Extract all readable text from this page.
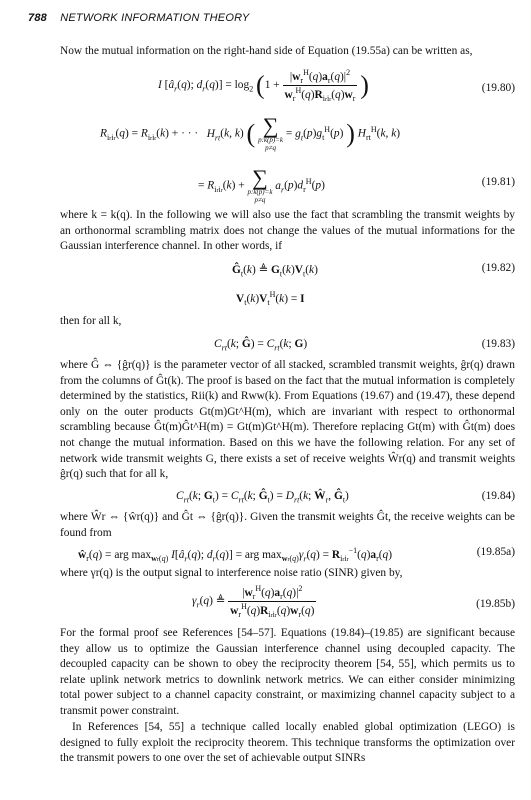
788 NETWORK INFORMATION THEORY
Now the mutual information on the right-hand side of Equation (19.55a) can be written as,
I [$â_r(q)$; $d_r(q)] = \log_2 (1 + \frac{|w_r^H(q)a_r(q)|^2}{w_r^H(q)R_{irir}(q)w_r}$ )	(19.80)
$R_{irir}(q) = R_{irir}(k)$ + · · ·   $H_{rt}(k$, k) ( ∑
p:k(p)=k
p≠q
= $g_t(p)g_t^H(p)$ ) $H_{rt}^H(k$, k)
= $R_{irir}(k)$ + ∑
p:k(p)=k
p≠q
$a_r(p)d_r^H(p)$	(19.81)
where k = k(q). In the following we will also use the fact that scrambling the transmit weights by an orthonormal scrambling matrix does not change the values of the mutual informations for the Gaussian interference channel. In other words, if
$Ĝ_t(k)$ ≜ $G_t(k)V_t(k)$	(19.82)
$V_t(k)V_t^H(k) = I$
then for all k,
$C_{rt}(k$; Ĝ) = $C_{rt}(k$; G)	(19.83)
where Ĝ ⇔ {ĝr(q)} is the parameter vector of all stacked, scrambled transmit weights, ĝr(q) drawn from the columns of Ĝt(k). The proof is based on the fact that the mutual information is completely determined by the statistics, Rii(k) and Rww(k). From Equations (19.67) and (19.47), these depend only on the outer products Gt(m)Gt^H(m), which are invariant with respect to orthonormal scrambling because Ĝt(m)Ĝt^H(m) = Gt(m)Gt^H(m). Therefore replacing Gt(m) with Ĝt(m) does not change the mutual information. Based on this we have the following relation. For any set of network wide transmit weights G, there exists a set of receive weights Ŵr(q) and transmit weights ĝr(q) such that for all k,
$C_{rt}(k$; $G_t) = C_{rt}(k$; $Ĝ_t) = D_{rt}(k$; $Ŵ_r$, $Ĝ_t$)	(19.84)
where Ŵr ⇔ {ŵr(q)} and Ĝt ⇔ {ĝr(q)}. Given the transmit weights Ĝt, the receive weights can be found from
$ŵ_r(q)$ = arg $\max_{wr(q)}$ $I[â_r(q)$; $d_r(q)$] = arg $\max_{wr(q)}\gamma_r(q) = R_{irir}^{-1}(q)a_r(q)$	(19.85a)
where γr(q) is the output signal to interference noise ratio (SINR) given by,
$\gamma_r(q)$ ≜ $\frac{|w_r^H(q)a_r(q)|^2}{w_r^H(q)R_{irir}(q)w_r(q)}$	(19.85b)
For the formal proof see References [54–57]. Equations (19.84)–(19.85) are significant because they allow us to optimize the Gaussian interference channel using decoupled capacity. The decoupled capacity can be shown to obey the reciprocity theorem [54, 55], which permits us to relate uplink network metrics to downlink network metrics. We can either consider minimizing total power subject to a channel capacity constraint, or maximizing channel capacity subject to a transmit power constraint.
In References [54, 55] a technique called locally enabled global optimization (LEGO) is designed to fully exploit the reciprocity theorem. This technique transforms the optimization over the transmit powers to one over the set of achievable output SINRs
